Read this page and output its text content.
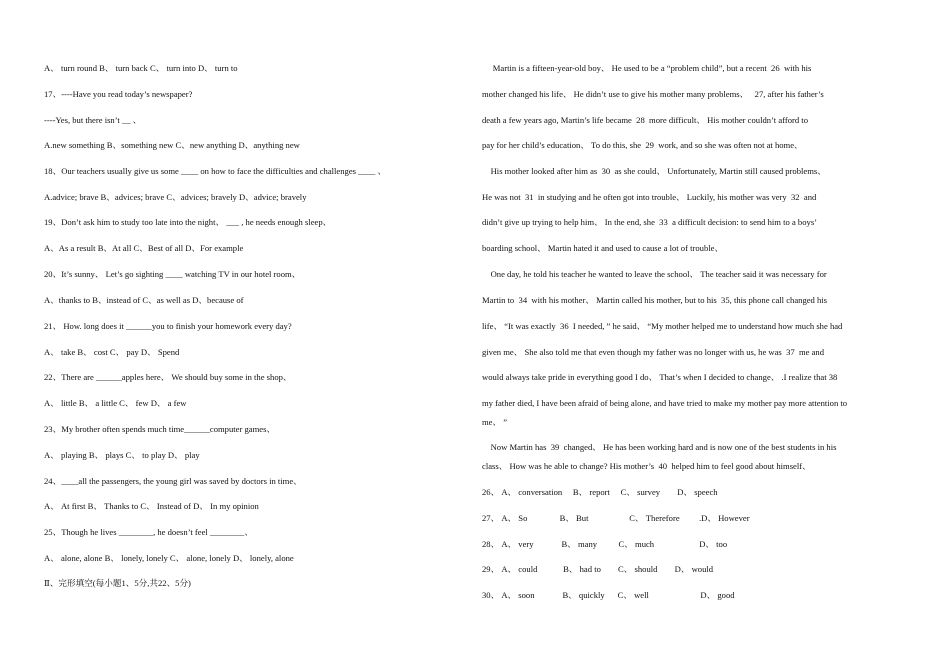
A、 turn round B、 turn back C、 turn into D、 turn to
17、----Have you read today’s newspaper?
----Yes, but there isn’t __ 、
A.new something B、something new C、new anything D、anything new
18、Our teachers usually give us some ____ on how to face the difficulties and challenges ____ 、
A.advice; brave B、advices; brave C、advices; bravely D、advice; bravely
19、Don’t ask him to study too late into the night、 ___ , he needs enough sleep、
A、As a result B、At all C、Best of all D、For example
20、It’s sunny、 Let’s go sighting ____ watching TV in our hotel room、
A、thanks to B、instead of C、as well as D、because of
21、 How. long does it ______you to finish your homework every day?
A、 take B、 cost C、 pay D、 Spend
22、There are ______apples here、 We should buy some in the shop、
A、 little B、 a little C、 few D、 a few
23、My brother often spends much time______computer games、
A、 playing B、 plays C、 to play D、 play
24、____all the passengers, the young girl was saved by doctors in time、
A、 At first B、 Thanks to C、 Instead of D、 In my opinion
25、Though he lives ________, he doesn’t feel ________、
A、 alone, alone B、 lonely, lonely C、 alone, lonely D、 lonely, alone
Ⅱ、完形填空(每小题1、5分,共22、5分)
Martin is a fifteen-year-old boy、 He used to be a “problem child”, but a recent  26  with his
mother changed his life、 He didn’t use to give his mother many problems、   27, after his father’s
death a few years ago, Martin’s life became  28  more difficult、 His mother couldn’t afford to
pay for her child’s education、 To do this, she  29  work, and so she was often not at home、
His mother looked after him as  30  as she could、 Unfortunately, Martin still caused problems、
He was not  31  in studying and he often got into trouble、 Luckily, his mother was very  32  and
didn’t give up trying to help him、 In the end, she  33  a difficult decision: to send him to a boys’
boarding school、 Martin hated it and used to cause a lot of trouble、
One day, he told his teacher he wanted to leave the school、 The teacher said it was necessary for
Martin to  34  with his mother、 Martin called his mother, but to his  35, this phone call changed his
life、 “It was exactly  36  I needed, ” he said、 “My mother helped me to understand how much she had
given me、 She also told me that even though my father was no longer with us, he was  37  me and
would always take pride in everything good I do、 That’s when I decided to change、 .I realize that 38
my father died, I have been afraid of being alone, and have tried to make my mother pay more attention to
me、 ”
Now Martin has  39  changed、 He has been working hard and is now one of the best students in his
class、 How was he able to change? His mother’s  40  helped him to feel good about himself、
26、 A、 conversation     B、 report     C、 survey        D、 speech
27、 A、 So               B、 But                   C、 Therefore         .D、 However
28、 A、 very             B、 many          C、 much                     D、 too
29、 A、 could            B、 had to        C、 should        D、 would
30、 A、 soon             B、 quickly      C、 well                        D、 good
